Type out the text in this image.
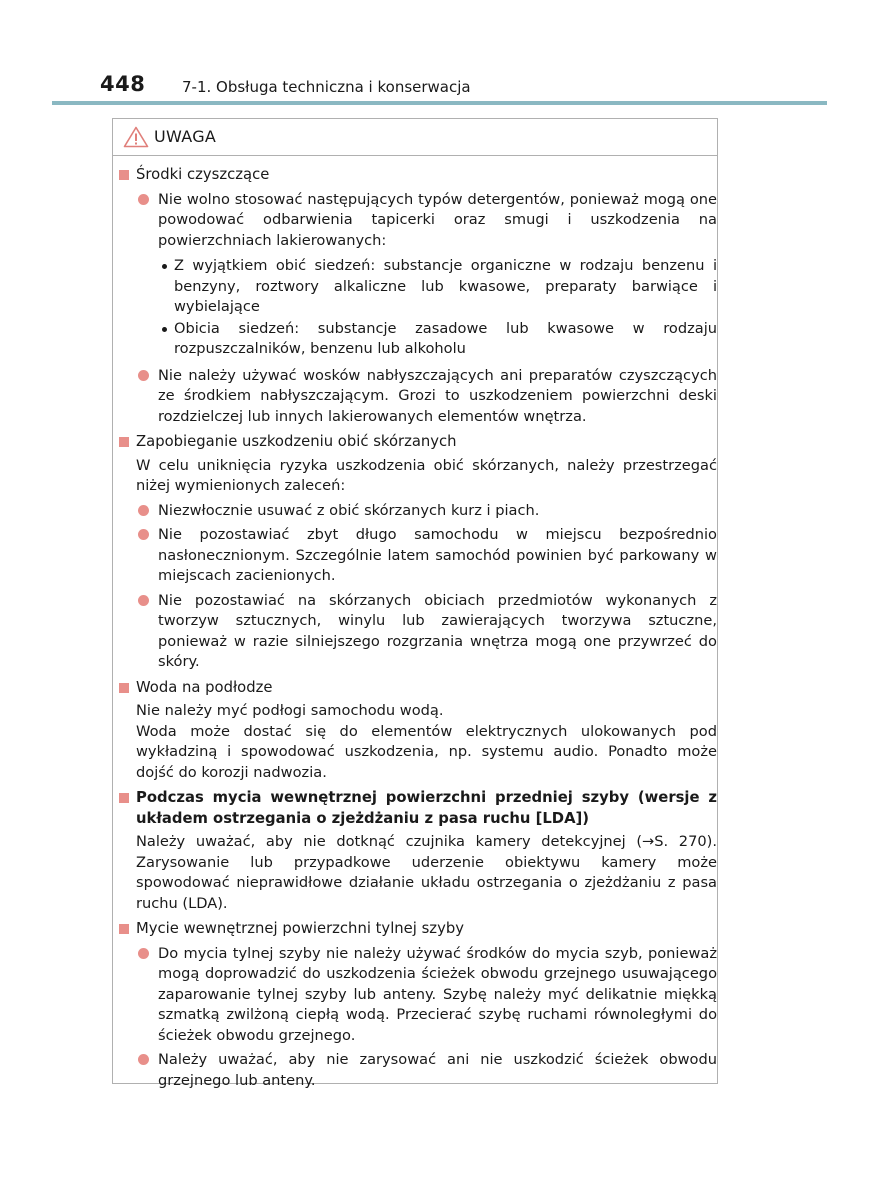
448 7-1. Obsługa techniczna i konserwacja
UWAGA
Środki czyszczące
Nie wolno stosować następujących typów detergentów, ponieważ mogą one powodować odbarwienia tapicerki oraz smugi i uszkodzenia na powierzchniach lakierowanych:
Z wyjątkiem obić siedzeń: substancje organiczne w rodzaju benzenu i benzyny, roztwory alkaliczne lub kwasowe, preparaty barwiące i wybielające
Obicia siedzeń: substancje zasadowe lub kwasowe w rodzaju rozpuszczalników, benzenu lub alkoholu
Nie należy używać wosków nabłyszczających ani preparatów czyszczących ze środkiem nabłyszczającym. Grozi to uszkodzeniem powierzchni deski rozdzielczej lub innych lakierowanych elementów wnętrza.
Zapobieganie uszkodzeniu obić skórzanych
W celu uniknięcia ryzyka uszkodzenia obić skórzanych, należy przestrzegać niżej wymienionych zaleceń:
Niezwłocznie usuwać z obić skórzanych kurz i piach.
Nie pozostawiać zbyt długo samochodu w miejscu bezpośrednio nasłonecznionym. Szczególnie latem samochód powinien być parkowany w miejscach zacienionych.
Nie pozostawiać na skórzanych obiciach przedmiotów wykonanych z tworzyw sztucznych, winylu lub zawierających tworzywa sztuczne, ponieważ w razie silniejszego rozgrzania wnętrza mogą one przywrzeć do skóry.
Woda na podłodze
Nie należy myć podłogi samochodu wodą.
Woda może dostać się do elementów elektrycznych ulokowanych pod wykładziną i spowodować uszkodzenia, np. systemu audio. Ponadto może dojść do korozji nadwozia.
Podczas mycia wewnętrznej powierzchni przedniej szyby (wersje z układem ostrzegania o zjeżdżaniu z pasa ruchu [LDA])
Należy uważać, aby nie dotknąć czujnika kamery detekcyjnej (→S. 270). Zarysowanie lub przypadkowe uderzenie obiektywu kamery może spowodować nieprawidłowe działanie układu ostrzegania o zjeżdżaniu z pasa ruchu (LDA).
Mycie wewnętrznej powierzchni tylnej szyby
Do mycia tylnej szyby nie należy używać środków do mycia szyb, ponieważ mogą doprowadzić do uszkodzenia ścieżek obwodu grzejnego usuwającego zaparowanie tylnej szyby lub anteny. Szybę należy myć delikatnie miękką szmatką zwilżoną ciepłą wodą. Przecierać szybę ruchami równoległymi do ścieżek obwodu grzejnego.
Należy uważać, aby nie zarysować ani nie uszkodzić ścieżek obwodu grzejnego lub anteny.
